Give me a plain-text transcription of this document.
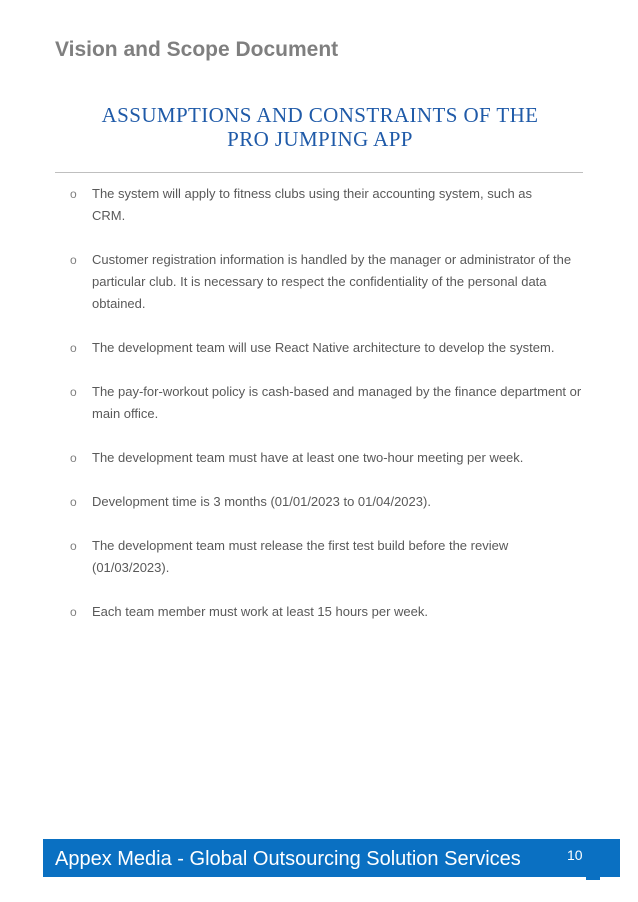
Vision and Scope Document
ASSUMPTIONS AND CONSTRAINTS OF THE
PRO JUMPING APP
o The system will apply to fitness clubs using their accounting system, such as
CRM.
o Customer registration information is handled by the manager or administrator of the
particular club. It is necessary to respect the confidentiality of the personal data
obtained.
o The development team will use React Native architecture to develop the system.
o The pay-for-workout policy is cash-based and managed by the finance department or
main office.
o The development team must have at least one two-hour meeting per week.
o Development time is 3 months (01/01/2023 to 01/04/2023).
o The development team must release the first test build before the review
(01/03/2023).
o Each team member must work at least 15 hours per week.
Appex Media - Global Outsourcing Solution Services	10
